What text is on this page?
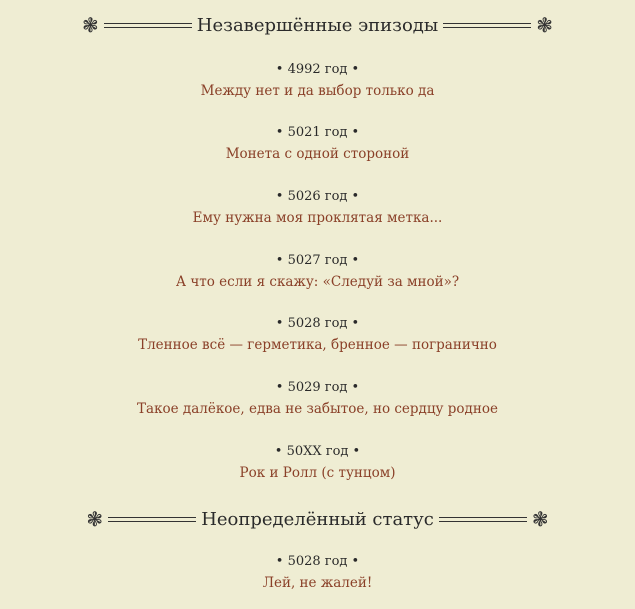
❃	Незавершённые эпизоды	❃
• 4992 год •
Между нет и да выбор только да
• 5021 год •
Монета с одной стороной
• 5026 год •
Ему нужна моя проклятая метка...
• 5027 год •
А что если я скажу: «Следуй за мной»?
• 5028 год •
Тленное всё — герметика, бренное — погранично
• 5029 год •
Такое далёкое, едва не забытое, но сердцу родное
• 50XX год •
Рок и Ролл (с тунцом)
❃	Неопределённый статус	❃
• 5028 год •
Лей, не жалей!
